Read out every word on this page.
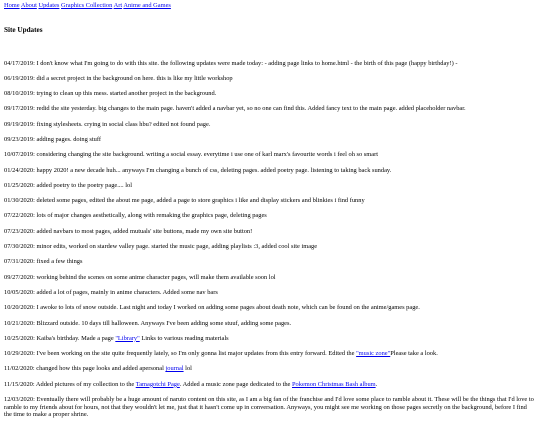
Home About Updates Graphics Collection Art Anime and Games
Site Updates

04/17/2019: I don't know what I'm going to do with this site. the following updates were made today: - adding page links to home.html - the birth of this page (happy birthday!) -

06/19/2019: did a secret project in the background on here. this is like my little workshop

08/10/2019: trying to clean up this mess. started another project in the background.

09/17/2019: redid the site yesterday. big changes to the main page. haven't added a navbar yet, so no one can find this. Added fancy text to the main page. added placeholder navbar.

09/19/2019: fixing stylesheets. crying in social class hbu? edited not found page.

09/23/2019: adding pages. doing stuff

10/07/2019: considering changing the site background. writing a social essay. everytime i use one of karl marx's favourite words i feel oh so smart

01/24/2020: happy 2020! a new decade huh... anyways I'm changing a bunch of css, deleting pages. added poetry page. listening to taking back sunday.

01/25/2020: added poetry to the poetry page.... lol

01/30/2020: deleted some pages, edited the about me page, added a page to store graphics i like and display stickers and blinkies i find funny

07/22/2020: lots of major changes aesthetically, along with remaking the graphics page, deleting pages

07/23/2020: added navbars to most pages, added mutuals' site buttons, made my own site button!

07/30/2020: minor edits, worked on stardew valley page. started the music page, adding playlists :3, added cool site image

07/31/2020: fixed a few things

09/27/2020: working behind the scenes on some anime character pages, will make them available soon lol

10/05/2020: added a lot of pages, mainly in anime characters. Added some nav bars

10/20/2020: I awoke to lots of snow outside. Last night and today I worked on adding some pages about death note, which can be found on the anime/games page.

10/21/2020: Blizzard outside. 10 days till halloween. Anyways I've been adding some stuuf, adding some pages.

10/25/2020: Kaiba's birthday. Made a page "Library" Links to various reading materials

10/29/2020: I've been working on the site quite frequently lately, so I'm only gonna list major updates from this entry forward. Edited the "music zone"Please take a look.

11/02/2020: changed how this page looks and added apersonal journal lol

11/15/2020: Added pictures of my collection to the Tamagotchi Page. Added a music zone page dedicated to the Pokemon Christmas Bash album.

12/03/2020: Eventually there will probably be a huge amount of naruto content on this site, as I am a big fan of the franchise and I'd love some place to ramble about it. These will be the things that I'd love to ramble to my friends about for hours, not that they wouldn't let me, just that it hasn't come up in conversation. Anyways, you might see me working on those pages secretly on the background, before I find the time to make a proper shrine.
